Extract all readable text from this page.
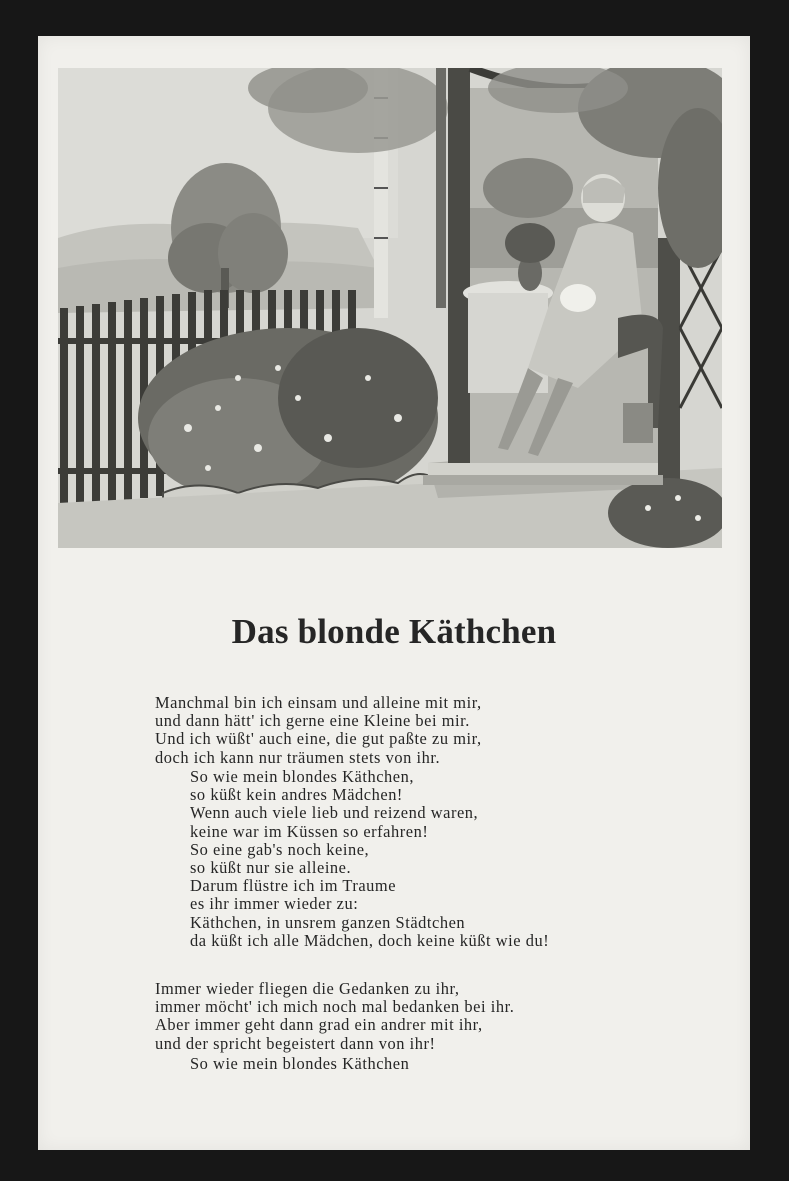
Das blonde Käthchen
Manchmal bin ich einsam und alleine mit mir,
und dann hätt' ich gerne eine Kleine bei mir.
Und ich wüßt' auch eine, die gut paßte zu mir,
doch ich kann nur träumen stets von ihr.
So wie mein blondes Käthchen,
so küßt kein andres Mädchen!
Wenn auch viele lieb und reizend waren,
keine war im Küssen so erfahren!
So eine gab's noch keine,
so küßt nur sie alleine.
Darum flüstre ich im Traume
es ihr immer wieder zu:
Käthchen, in unsrem ganzen Städtchen
da küßt ich alle Mädchen, doch keine küßt wie du!
Immer wieder fliegen die Gedanken zu ihr,
immer möcht' ich mich noch mal bedanken bei ihr.
Aber immer geht dann grad ein andrer mit ihr,
und der spricht begeistert dann von ihr!
So wie mein blondes Käthchen
